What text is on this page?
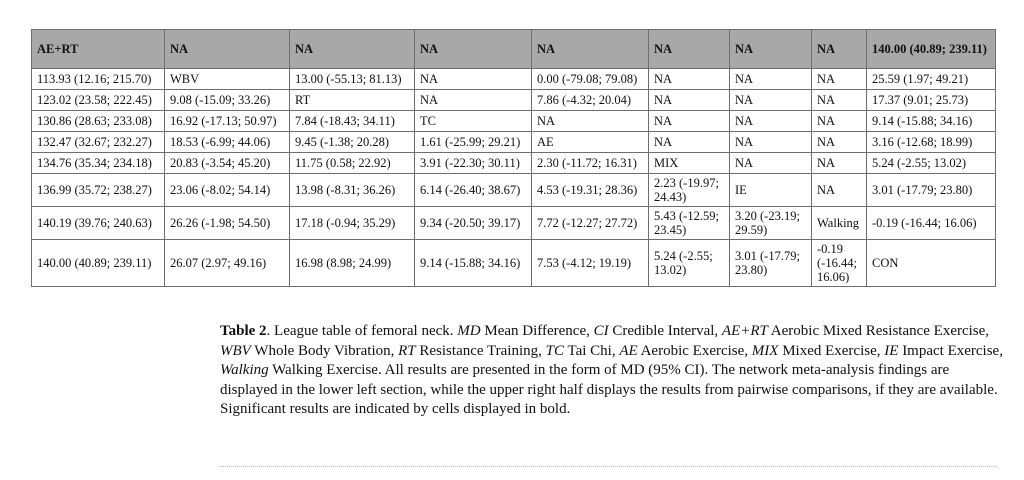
AE+RT	NA	NA	NA	NA	NA	NA	NA	140.00 (40.89; 239.11)
113.93 (12.16; 215.70)	WBV	13.00 (-55.13; 81.13)	NA	0.00 (-79.08; 79.08)	NA	NA	NA	25.59 (1.97; 49.21)
123.02 (23.58; 222.45)	9.08 (-15.09; 33.26)	RT	NA	7.86 (-4.32; 20.04)	NA	NA	NA	17.37 (9.01; 25.73)
130.86 (28.63; 233.08)	16.92 (-17.13; 50.97)	7.84 (-18.43; 34.11)	TC	NA	NA	NA	NA	9.14 (-15.88; 34.16)
132.47 (32.67; 232.27)	18.53 (-6.99; 44.06)	9.45 (-1.38; 20.28)	1.61 (-25.99; 29.21)	AE	NA	NA	NA	3.16 (-12.68; 18.99)
134.76 (35.34; 234.18)	20.83 (-3.54; 45.20)	11.75 (0.58; 22.92)	3.91 (-22.30; 30.11)	2.30 (-11.72; 16.31)	MIX	NA	NA	5.24 (-2.55; 13.02)
136.99 (35.72; 238.27)	23.06 (-8.02; 54.14)	13.98 (-8.31; 36.26)	6.14 (-26.40; 38.67)	4.53 (-19.31; 28.36)	2.23 (-19.97; 24.43)	IE	NA	3.01 (-17.79; 23.80)
140.19 (39.76; 240.63)	26.26 (-1.98; 54.50)	17.18 (-0.94; 35.29)	9.34 (-20.50; 39.17)	7.72 (-12.27; 27.72)	5.43 (-12.59; 23.45)	3.20 (-23.19; 29.59)	Walking	-0.19 (-16.44; 16.06)
140.00 (40.89; 239.11)	26.07 (2.97; 49.16)	16.98 (8.98; 24.99)	9.14 (-15.88; 34.16)	7.53 (-4.12; 19.19)	5.24 (-2.55; 13.02)	3.01 (-17.79; 23.80)	-0.19 (-16.44; 16.06)	CON
Table 2. League table of femoral neck. MD Mean Difference, CI Credible Interval, AE+RT Aerobic Mixed Resistance Exercise, WBV Whole Body Vibration, RT Resistance Training, TC Tai Chi, AE Aerobic Exercise, MIX Mixed Exercise, IE Impact Exercise, Walking Walking Exercise. All results are presented in the form of MD (95% CI). The network meta-analysis findings are displayed in the lower left section, while the upper right half displays the results from pairwise comparisons, if they are available. Significant results are indicated by cells displayed in bold.
